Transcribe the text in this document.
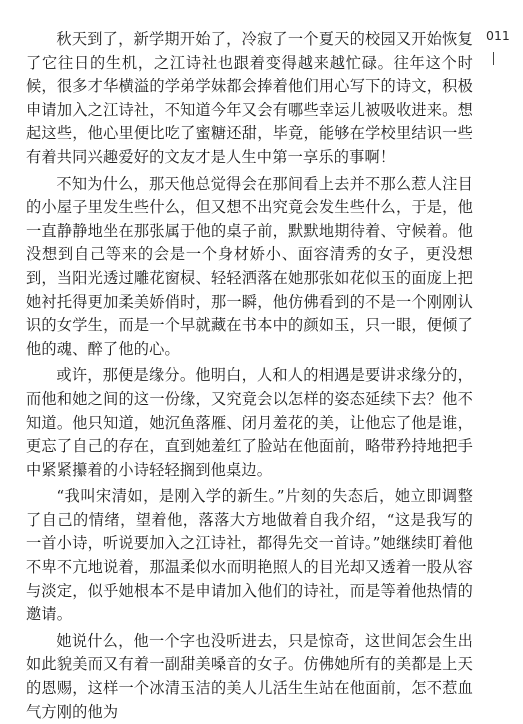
秋天到了，新学期开始了，冷寂了一个夏天的校园又开始恢复了它往日的生机，之江诗社也跟着变得越来越忙碌。往年这个时候，很多才华横溢的学弟学妹都会捧着他们用心写下的诗文，积极申请加入之江诗社，不知道今年又会有哪些幸运儿被吸收进来。想起这些，他心里便比吃了蜜糖还甜，毕竟，能够在学校里结识一些有着共同兴趣爱好的文友才是人生中第一享乐的事啊！

不知为什么，那天他总觉得会在那间看上去并不那么惹人注目的小屋子里发生些什么，但又想不出究竟会发生些什么，于是，他一直静静地坐在那张属于他的桌子前，默默地期待着、守候着。他没想到自己等来的会是一个身材娇小、面容清秀的女子，更没想到，当阳光透过雕花窗棂、轻轻洒落在她那张如花似玉的面庞上把她衬托得更加柔美娇俏时，那一瞬，他仿佛看到的不是一个刚刚认识的女学生，而是一个早就藏在书本中的颜如玉，只一眼，便倾了他的魂、醉了他的心。

或许，那便是缘分。他明白，人和人的相遇是要讲求缘分的，而他和她之间的这一份缘，又究竟会以怎样的姿态延续下去？他不知道。他只知道，她沉鱼落雁、闭月羞花的美，让他忘了他是谁，更忘了自己的存在，直到她羞红了脸站在他面前，略带矜持地把手中紧紧攥着的小诗轻轻搁到他桌边。

“我叫宋清如，是刚入学的新生。”片刻的失态后，她立即调整了自己的情绪，望着他，落落大方地做着自我介绍，“这是我写的一首小诗，听说要加入之江诗社，都得先交一首诗。”她继续盯着他不卑不亢地说着，那温柔似水而明艳照人的目光却又透着一股从容与淡定，似乎她根本不是申请加入他们的诗社，而是等着他热情的邀请。

她说什么，他一个字也没听进去，只是惊奇，这世间怎会生出如此貌美而又有着一副甜美嗓音的女子。仿佛她所有的美都是上天的恩赐，这样一个冰清玉洁的美人儿活生生站在他面前，怎不惹血气方刚的他为

011
